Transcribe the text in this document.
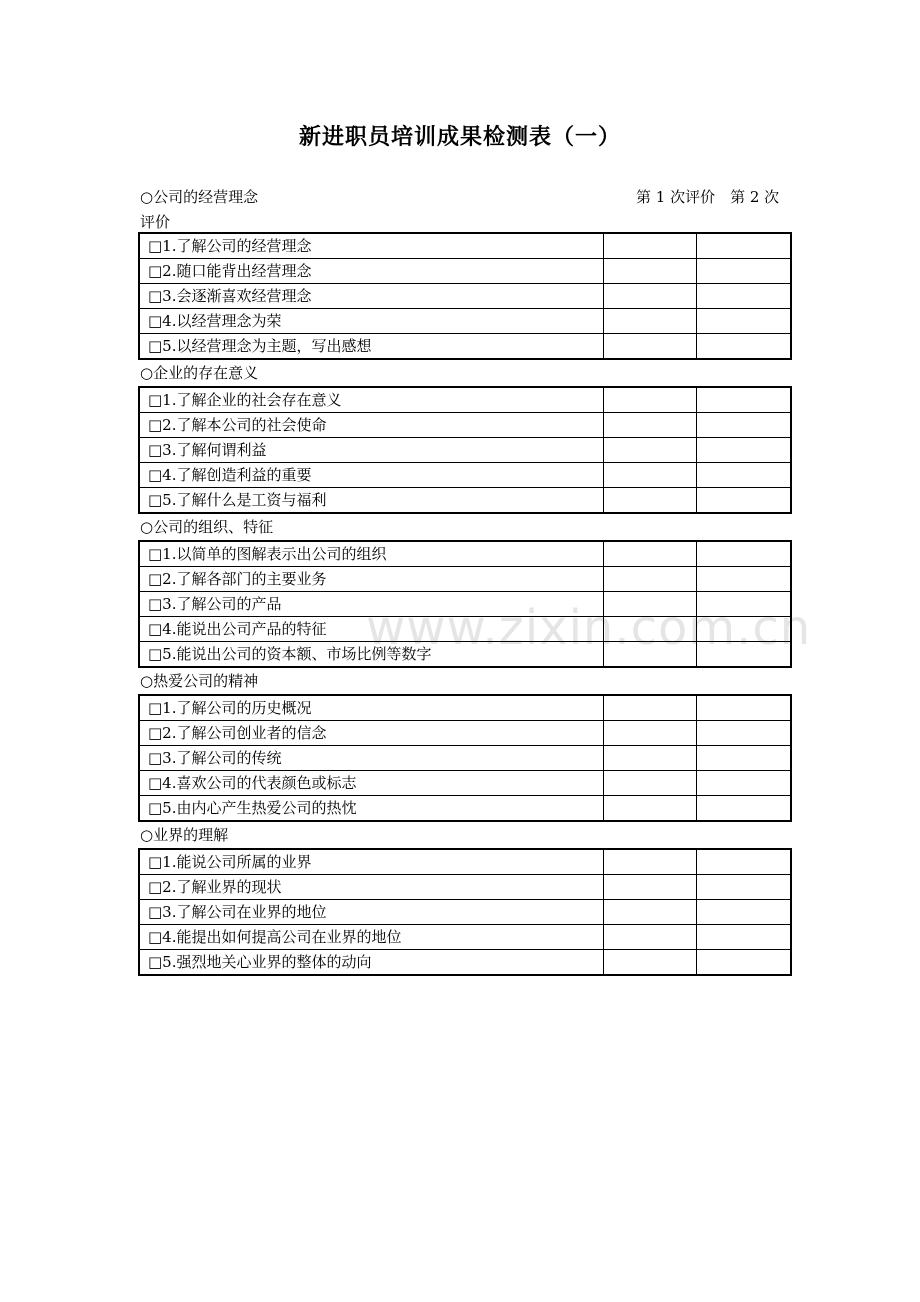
新进职员培训成果检测表（一）
○公司的经营理念	第 1 次评价　第 2 次
评价
□1.了解公司的经营理念		
□2.随口能背出经营理念		
□3.会逐渐喜欢经营理念		
□4.以经营理念为荣		
□5.以经营理念为主题，写出感想		
○企业的存在意义
□1.了解企业的社会存在意义		
□2.了解本公司的社会使命		
□3.了解何谓利益		
□4.了解创造利益的重要		
□5.了解什么是工资与福利		
○公司的组织、特征
□1.以简单的图解表示出公司的组织		
□2.了解各部门的主要业务		
□3.了解公司的产品		
□4.能说出公司产品的特征		
□5.能说出公司的资本额、市场比例等数字		
○热爱公司的精神
□1.了解公司的历史概况		
□2.了解公司创业者的信念		
□3.了解公司的传统		
□4.喜欢公司的代表颜色或标志		
□5.由内心产生热爱公司的热忱		
○业界的理解
□1.能说公司所属的业界		
□2.了解业界的现状		
□3.了解公司在业界的地位		
□4.能提出如何提高公司在业界的地位		
□5.强烈地关心业界的整体的动向		
www.zixin.com.cn
